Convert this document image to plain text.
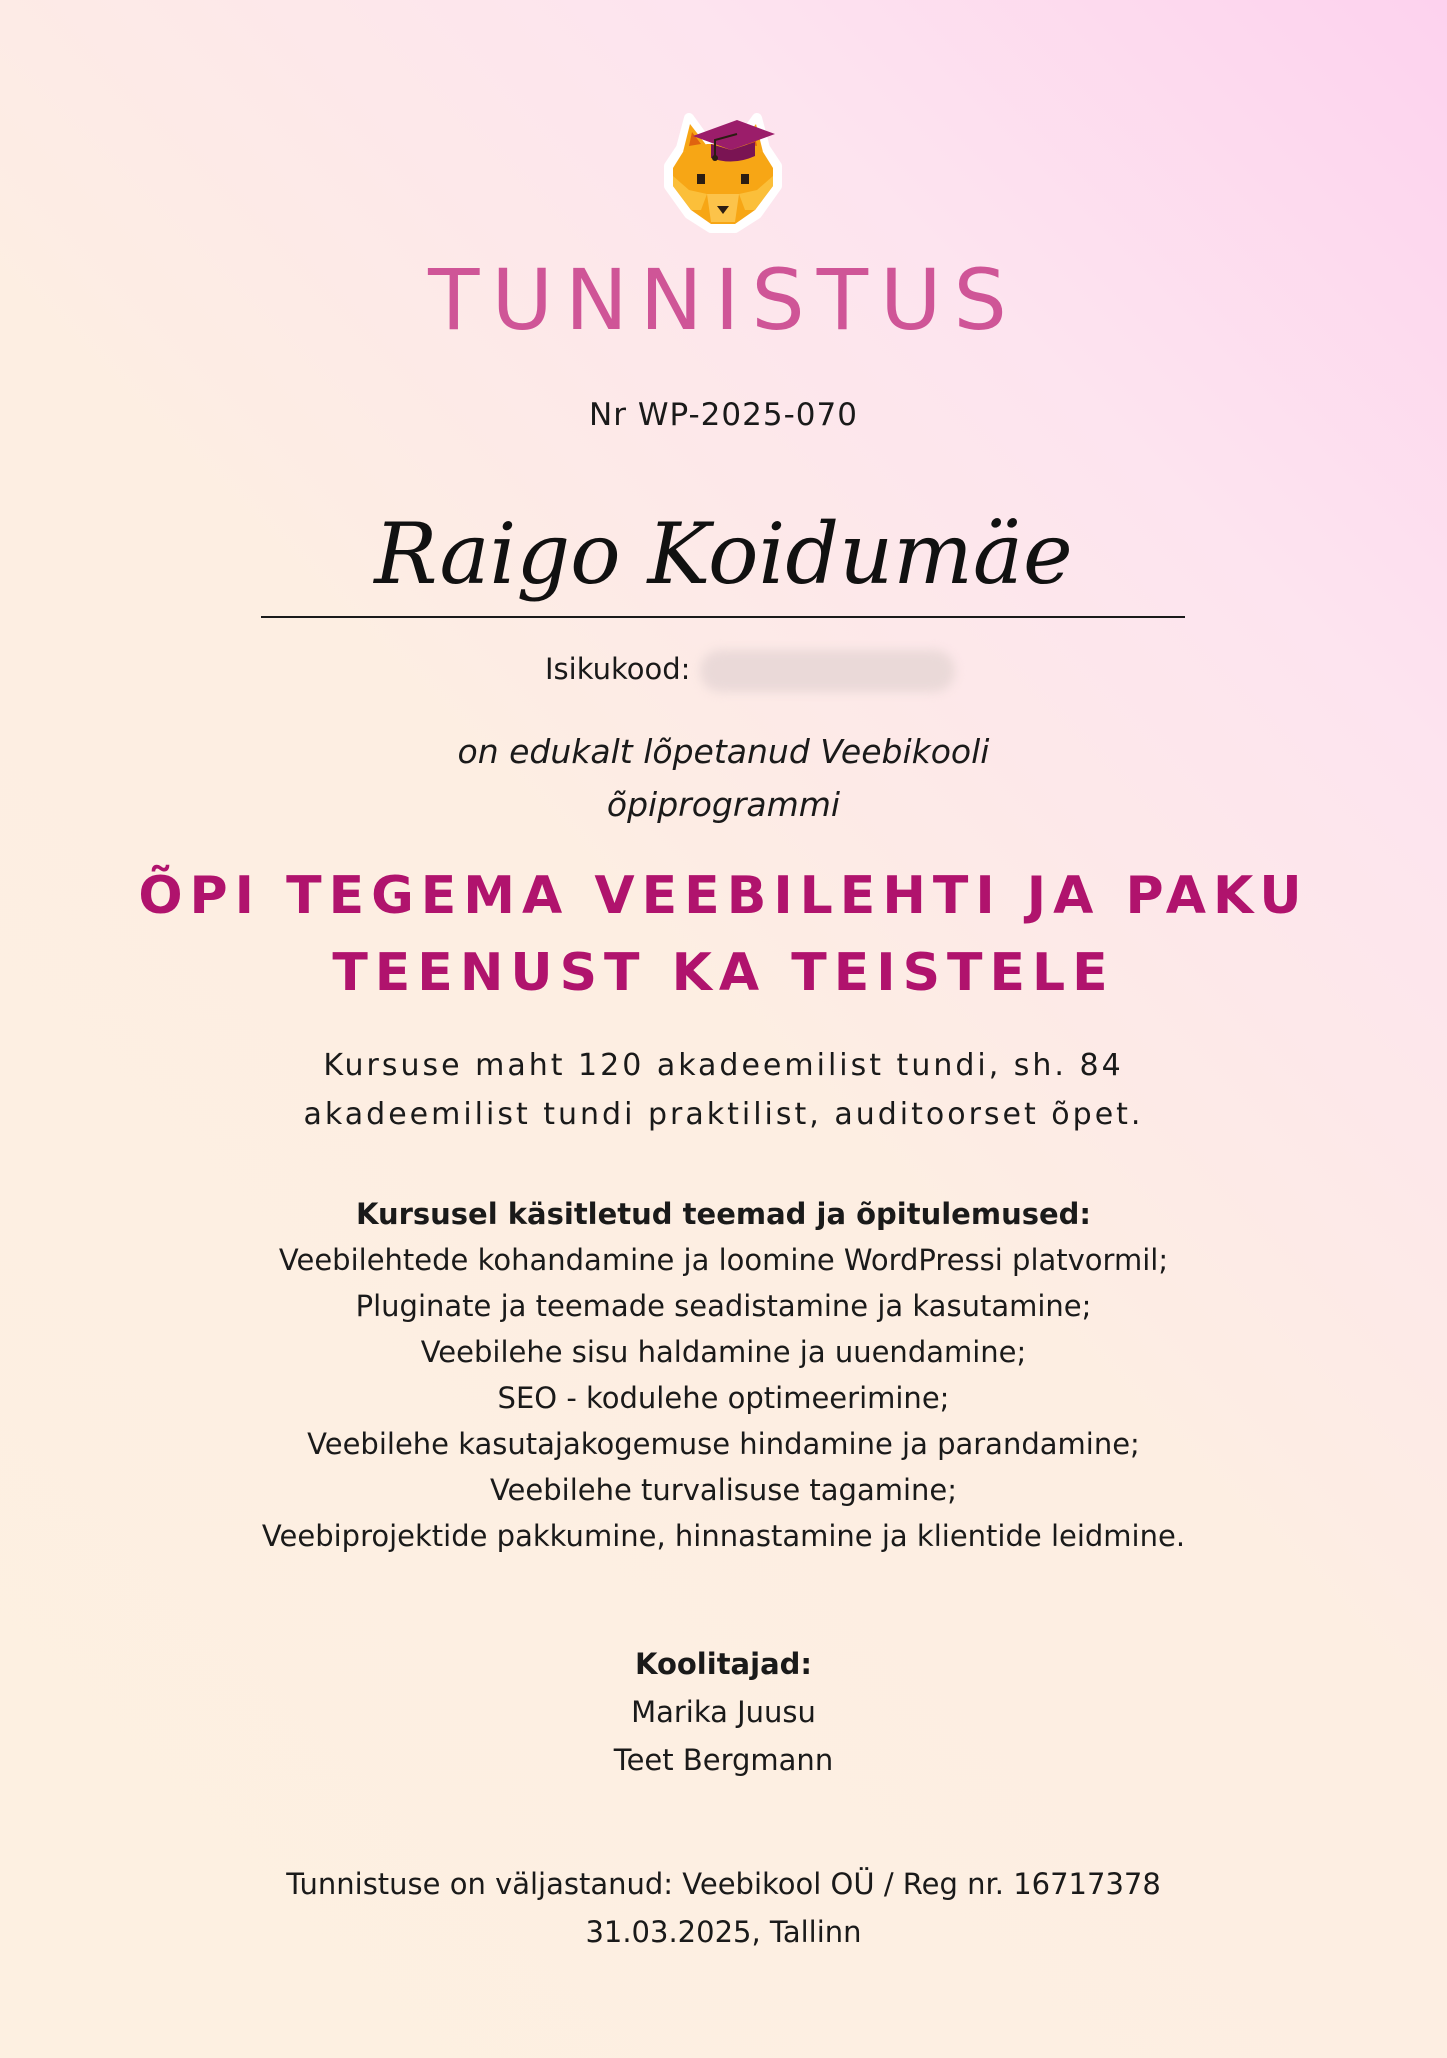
TUNNISTUS
Nr WP-2025-070
Raigo Koidumäe
Isikukood:
on edukalt lõpetanud Veebikooli
õpiprogrammi
ÕPI TEGEMA VEEBILEHTI JA PAKU
TEENUST KA TEISTELE
Kursuse maht 120 akadeemilist tundi, sh. 84
akadeemilist tundi praktilist, auditoorset õpet.
Kursusel käsitletud teemad ja õpitulemused:
Veebilehtede kohandamine ja loomine WordPressi platvormil;
Pluginate ja teemade seadistamine ja kasutamine;
Veebilehe sisu haldamine ja uuendamine;
SEO - kodulehe optimeerimine;
Veebilehe kasutajakogemuse hindamine ja parandamine;
Veebilehe turvalisuse tagamine;
Veebiprojektide pakkumine, hinnastamine ja klientide leidmine.
Koolitajad:
Marika Juusu
Teet Bergmann
Tunnistuse on väljastanud: Veebikool OÜ / Reg nr. 16717378
31.03.2025, Tallinn
